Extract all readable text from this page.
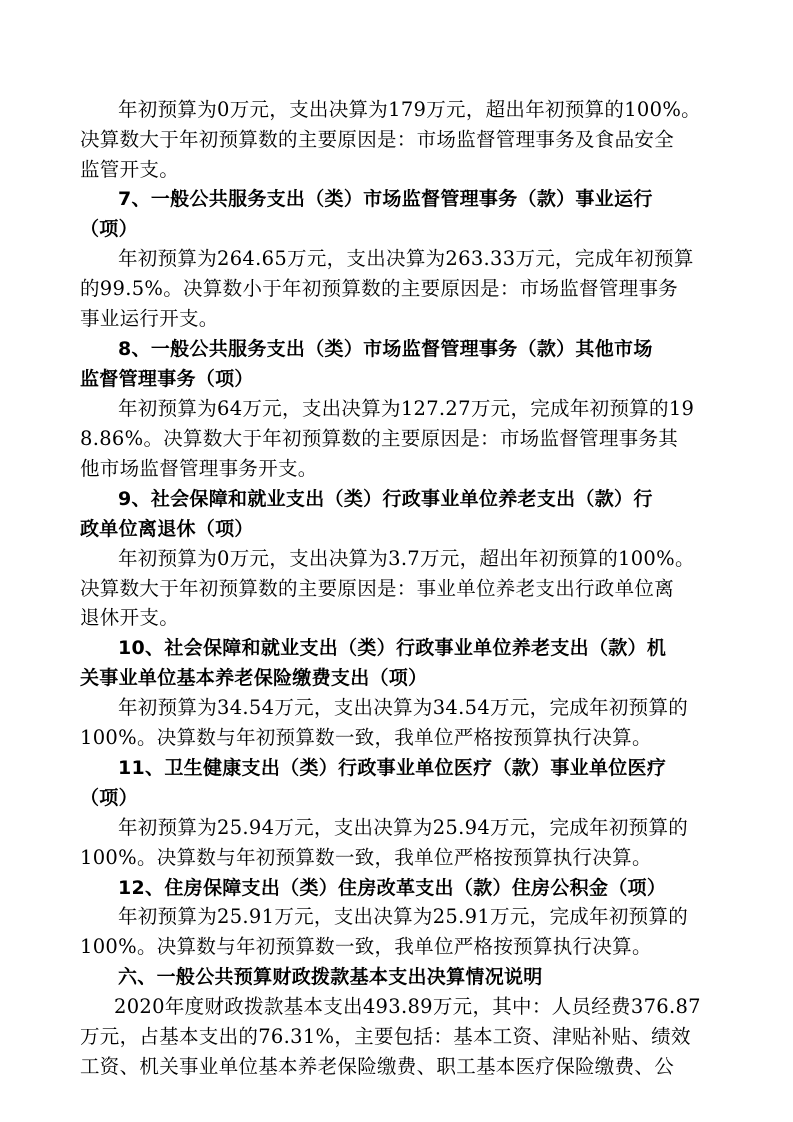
年初预算为0万元，支出决算为179万元，超出年初预算的100%。
决算数大于年初预算数的主要原因是：市场监督管理事务及食品安全
监管开支。
7、一般公共服务支出（类）市场监督管理事务（款）事业运行
（项）
年初预算为264.65万元，支出决算为263.33万元，完成年初预算
的99.5%。决算数小于年初预算数的主要原因是：市场监督管理事务
事业运行开支。
8、一般公共服务支出（类）市场监督管理事务（款）其他市场
监督管理事务（项）
年初预算为64万元，支出决算为127.27万元，完成年初预算的19
8.86%。决算数大于年初预算数的主要原因是：市场监督管理事务其
他市场监督管理事务开支。
9、社会保障和就业支出（类）行政事业单位养老支出（款）行
政单位离退休（项）
年初预算为0万元，支出决算为3.7万元，超出年初预算的100%。
决算数大于年初预算数的主要原因是：事业单位养老支出行政单位离
退休开支。
10、社会保障和就业支出（类）行政事业单位养老支出（款）机
关事业单位基本养老保险缴费支出（项）
年初预算为34.54万元，支出决算为34.54万元，完成年初预算的
100%。决算数与年初预算数一致，我单位严格按预算执行决算。
11、卫生健康支出（类）行政事业单位医疗（款）事业单位医疗
（项）
年初预算为25.94万元，支出决算为25.94万元，完成年初预算的
100%。决算数与年初预算数一致，我单位严格按预算执行决算。
12、住房保障支出（类）住房改革支出（款）住房公积金（项）
年初预算为25.91万元，支出决算为25.91万元，完成年初预算的
100%。决算数与年初预算数一致，我单位严格按预算执行决算。
六、一般公共预算财政拨款基本支出决算情况说明
2020年度财政拨款基本支出493.89万元，其中：人员经费376.87
万元，占基本支出的76.31%，主要包括：基本工资、津贴补贴、绩效
工资、机关事业单位基本养老保险缴费、职工基本医疗保险缴费、公
